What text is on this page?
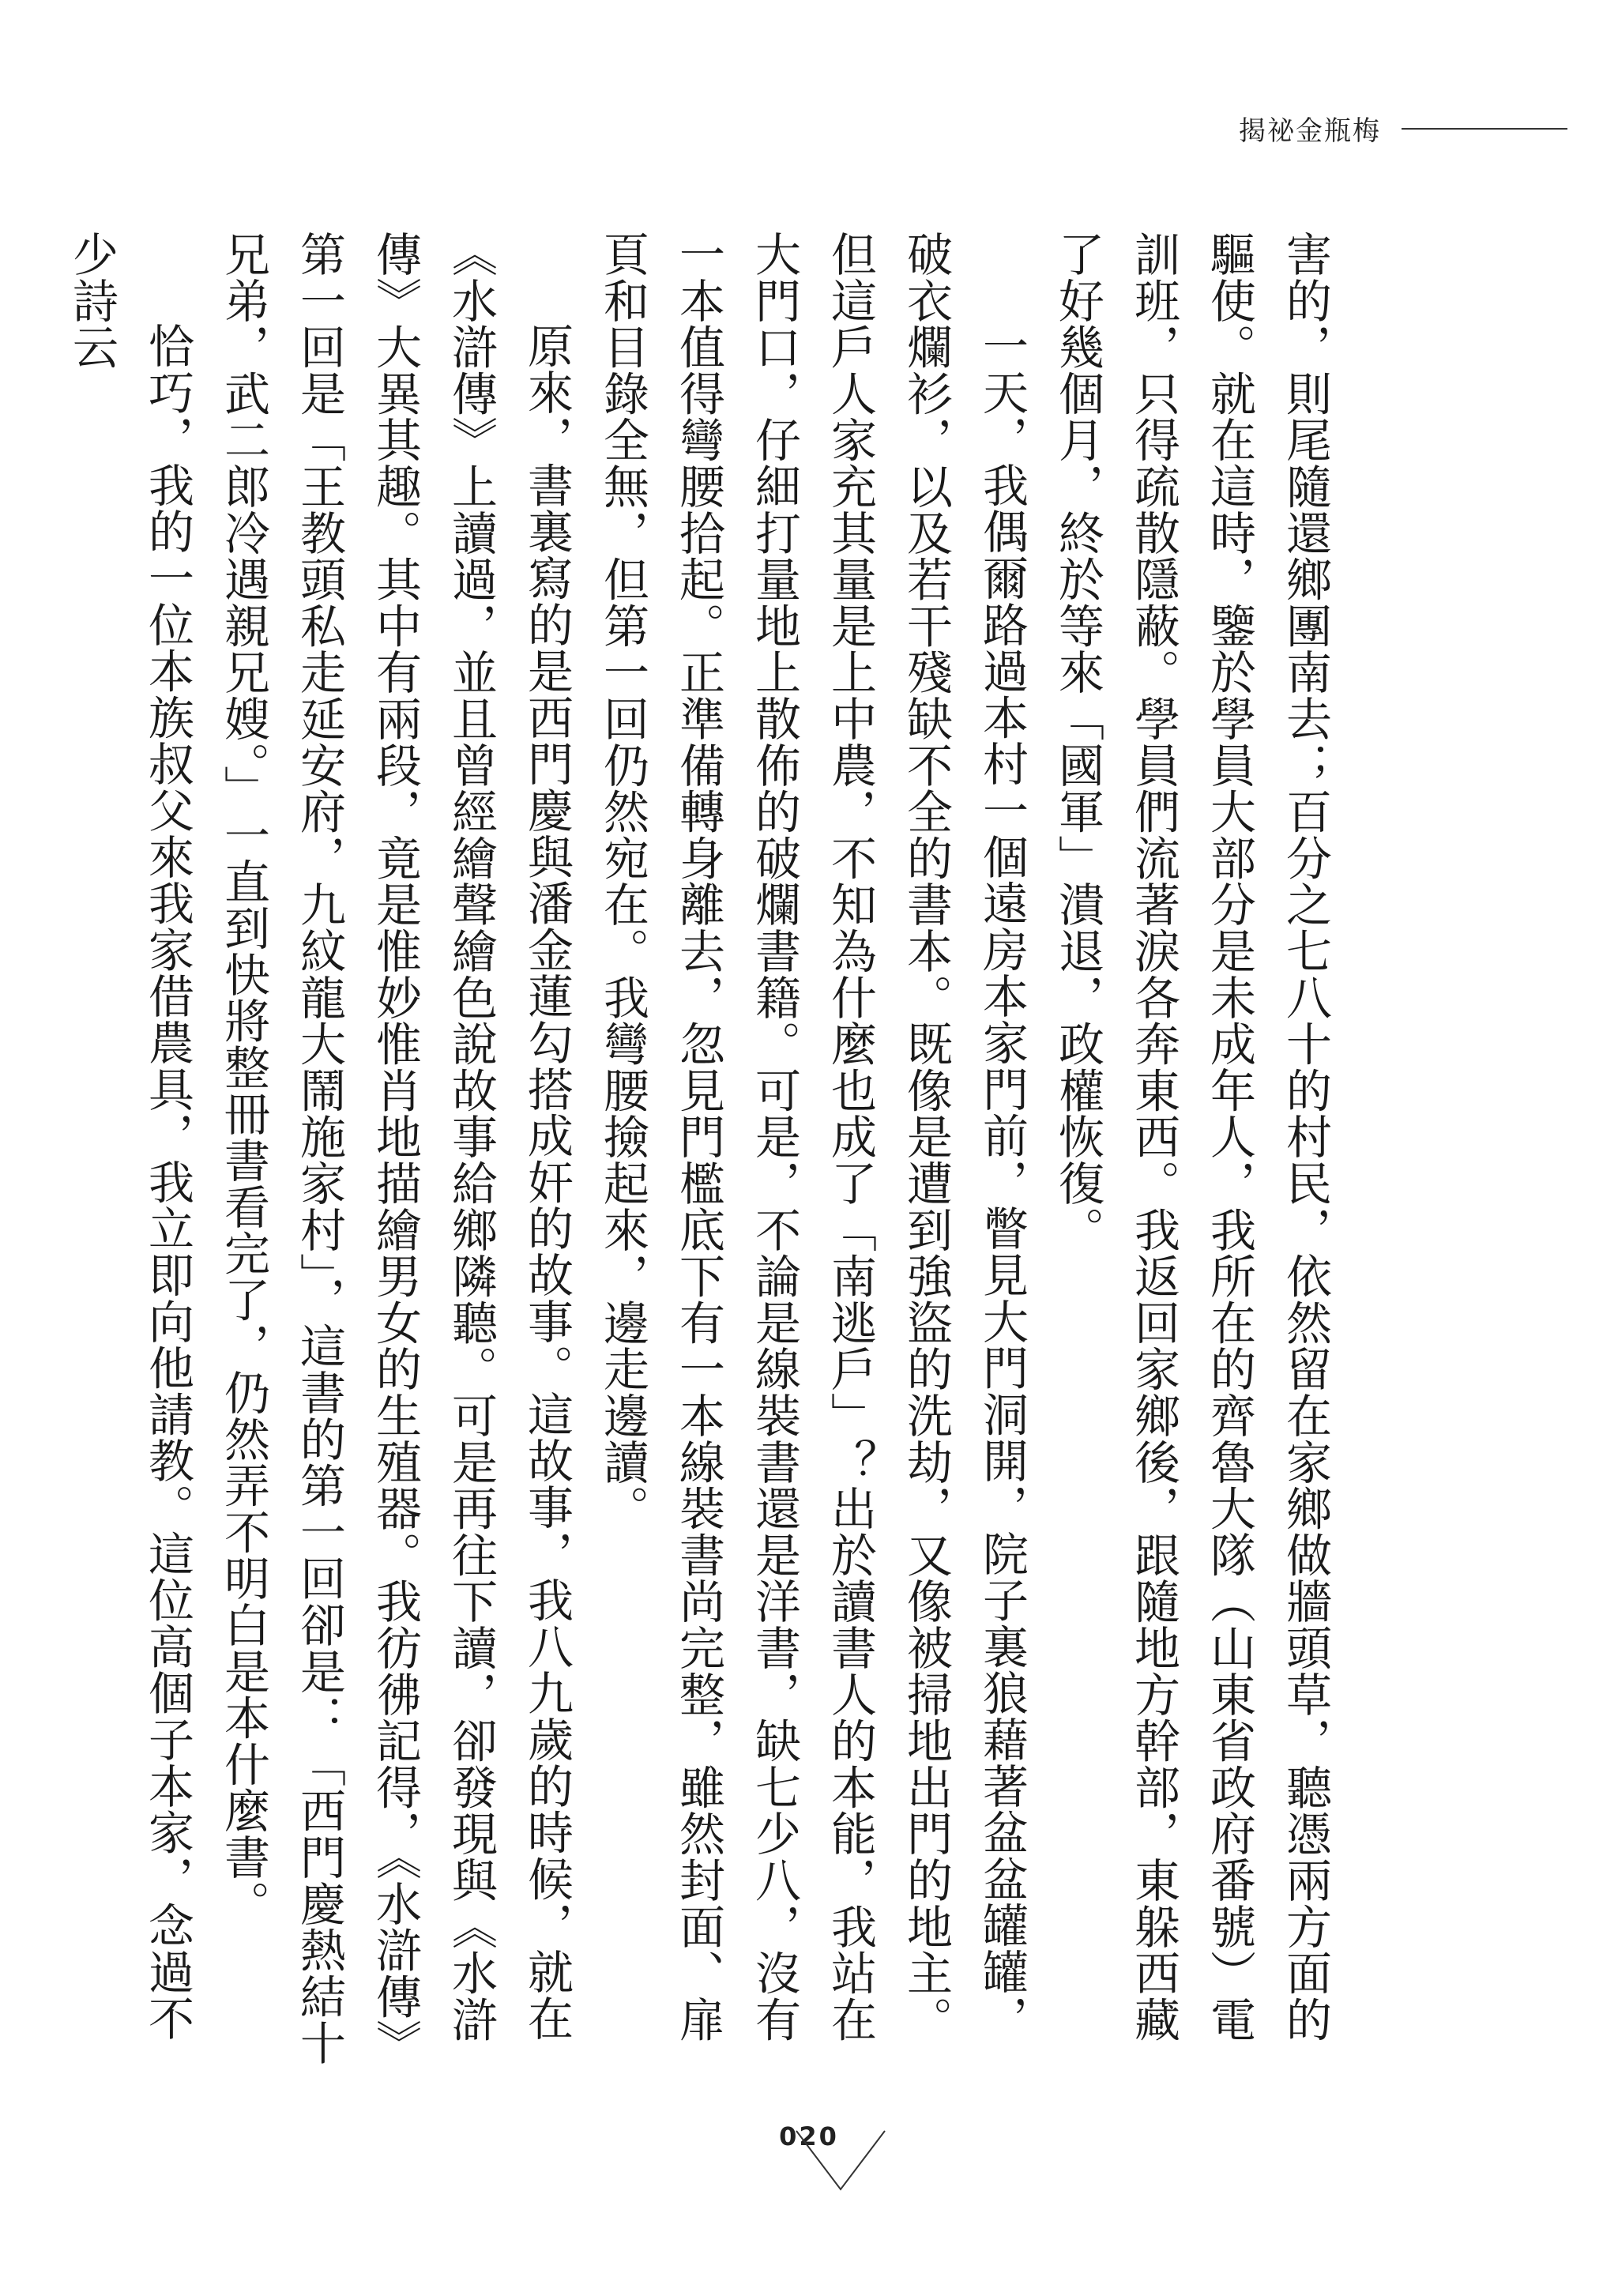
揭祕金瓶梅

害的，則尾隨還鄉團南去；百分之七八十的村民，依然留在家鄉做牆頭草，聽憑兩方面的驅使。就在這時，鑒於學員大部分是未成年人，我所在的齊魯大隊（山東省政府番號）電訓班，只得疏散隱蔽。學員們流著淚各奔東西。我返回家鄉後，跟隨地方幹部，東躲西藏了好幾個月，終於等來「國軍」潰退，政權恢復。

一天，我偶爾路過本村一個遠房本家門前，瞥見大門洞開，院子裏狼藉著盆盆罐罐，破衣爛衫，以及若干殘缺不全的書本。既像是遭到強盜的洗劫，又像被掃地出門的地主。但這戶人家充其量是上中農，不知為什麼也成了「南逃戶」？出於讀書人的本能，我站在大門口，仔細打量地上散佈的破爛書籍。可是，不論是線裝書還是洋書，缺七少八，沒有一本值得彎腰拾起。正準備轉身離去，忽見門檻底下有一本線裝書尚完整，雖然封面、扉頁和目錄全無，但第一回仍然宛在。我彎腰撿起來，邊走邊讀。

原來，書裏寫的是西門慶與潘金蓮勾搭成奸的故事。這故事，我八九歲的時候，就在《水滸傳》上讀過，並且曾經繪聲繪色說故事給鄉隣聽。可是再往下讀，卻發現與《水滸傳》大異其趣。其中有兩段，竟是惟妙惟肖地描繪男女的生殖器。我彷彿記得，《水滸傳》第一回是「王教頭私走延安府，九紋龍大鬧施家村」，這書的第一回卻是：「西門慶熱結十兄弟，武二郎冷遇親兄嫂。」一直到快將整冊書看完了，仍然弄不明白是本什麼書。

恰巧，我的一位本族叔父來我家借農具，我立即向他請教。這位高個子本家，念過不少詩云

020
